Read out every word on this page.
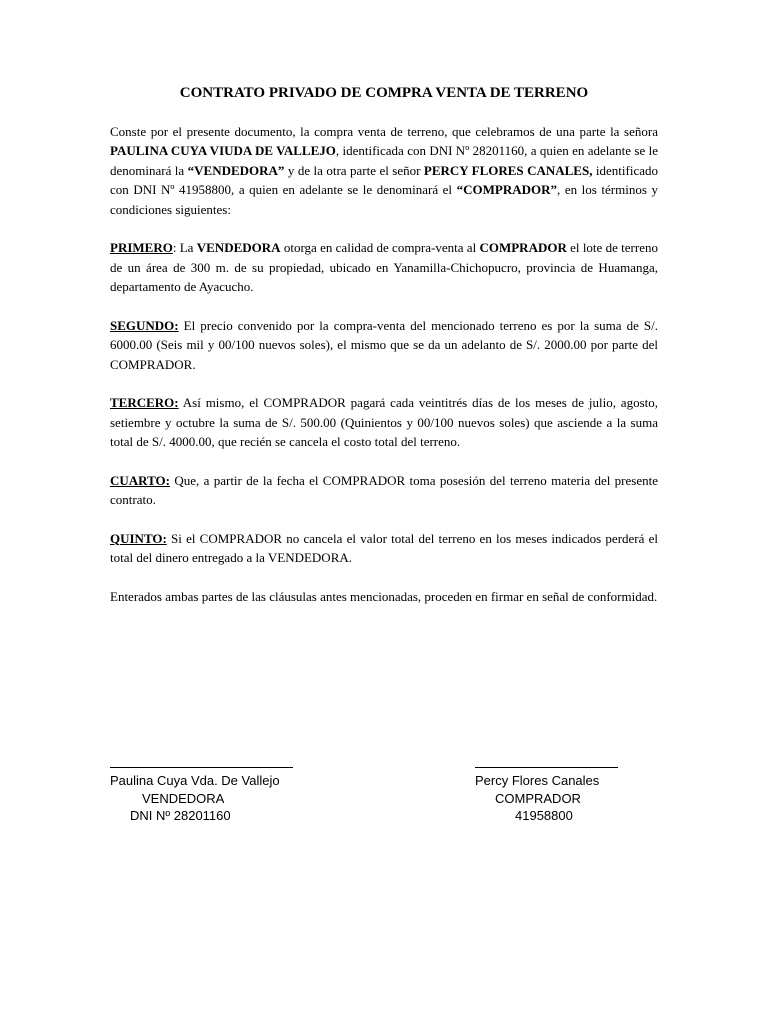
CONTRATO PRIVADO DE COMPRA VENTA DE TERRENO

Conste por el presente documento, la compra venta de terreno, que celebramos de una parte la señora PAULINA CUYA VIUDA DE VALLEJO, identificada con DNI Nº 28201160, a quien en adelante se le denominará la “VENDEDORA” y de la otra parte el señor PERCY FLORES CANALES, identificado con DNI Nº 41958800, a quien en adelante se le denominará el “COMPRADOR”, en los términos y condiciones siguientes:

PRIMERO: La VENDEDORA otorga en calidad de compra-venta al COMPRADOR el lote de terreno de un área de 300 m. de su propiedad, ubicado en Yanamilla-Chichopucro, provincia de Huamanga, departamento de Ayacucho.

SEGUNDO: El precio convenido por la compra-venta del mencionado terreno es por la suma de S/. 6000.00 (Seis mil y 00/100 nuevos soles), el mismo que se da un adelanto de S/. 2000.00 por parte del COMPRADOR.

TERCERO: Así mismo, el COMPRADOR pagará cada veintitrés días de los meses de julio, agosto, setiembre y octubre la suma de S/. 500.00 (Quinientos y 00/100 nuevos soles) que asciende a la suma total de S/. 4000.00, que recién se cancela el costo total del terreno.

CUARTO: Que, a partir de la fecha el COMPRADOR toma posesión del terreno materia del presente contrato.

QUINTO: Si el COMPRADOR no cancela el valor total del terreno en los meses indicados perderá el total del dinero entregado a la VENDEDORA.

Enterados ambas partes de las cláusulas antes mencionadas, proceden en firmar en señal de conformidad.

Paulina Cuya Vda. De Vallejo
VENDEDORA
DNI Nº 28201160
Percy Flores Canales
COMPRADOR
41958800
